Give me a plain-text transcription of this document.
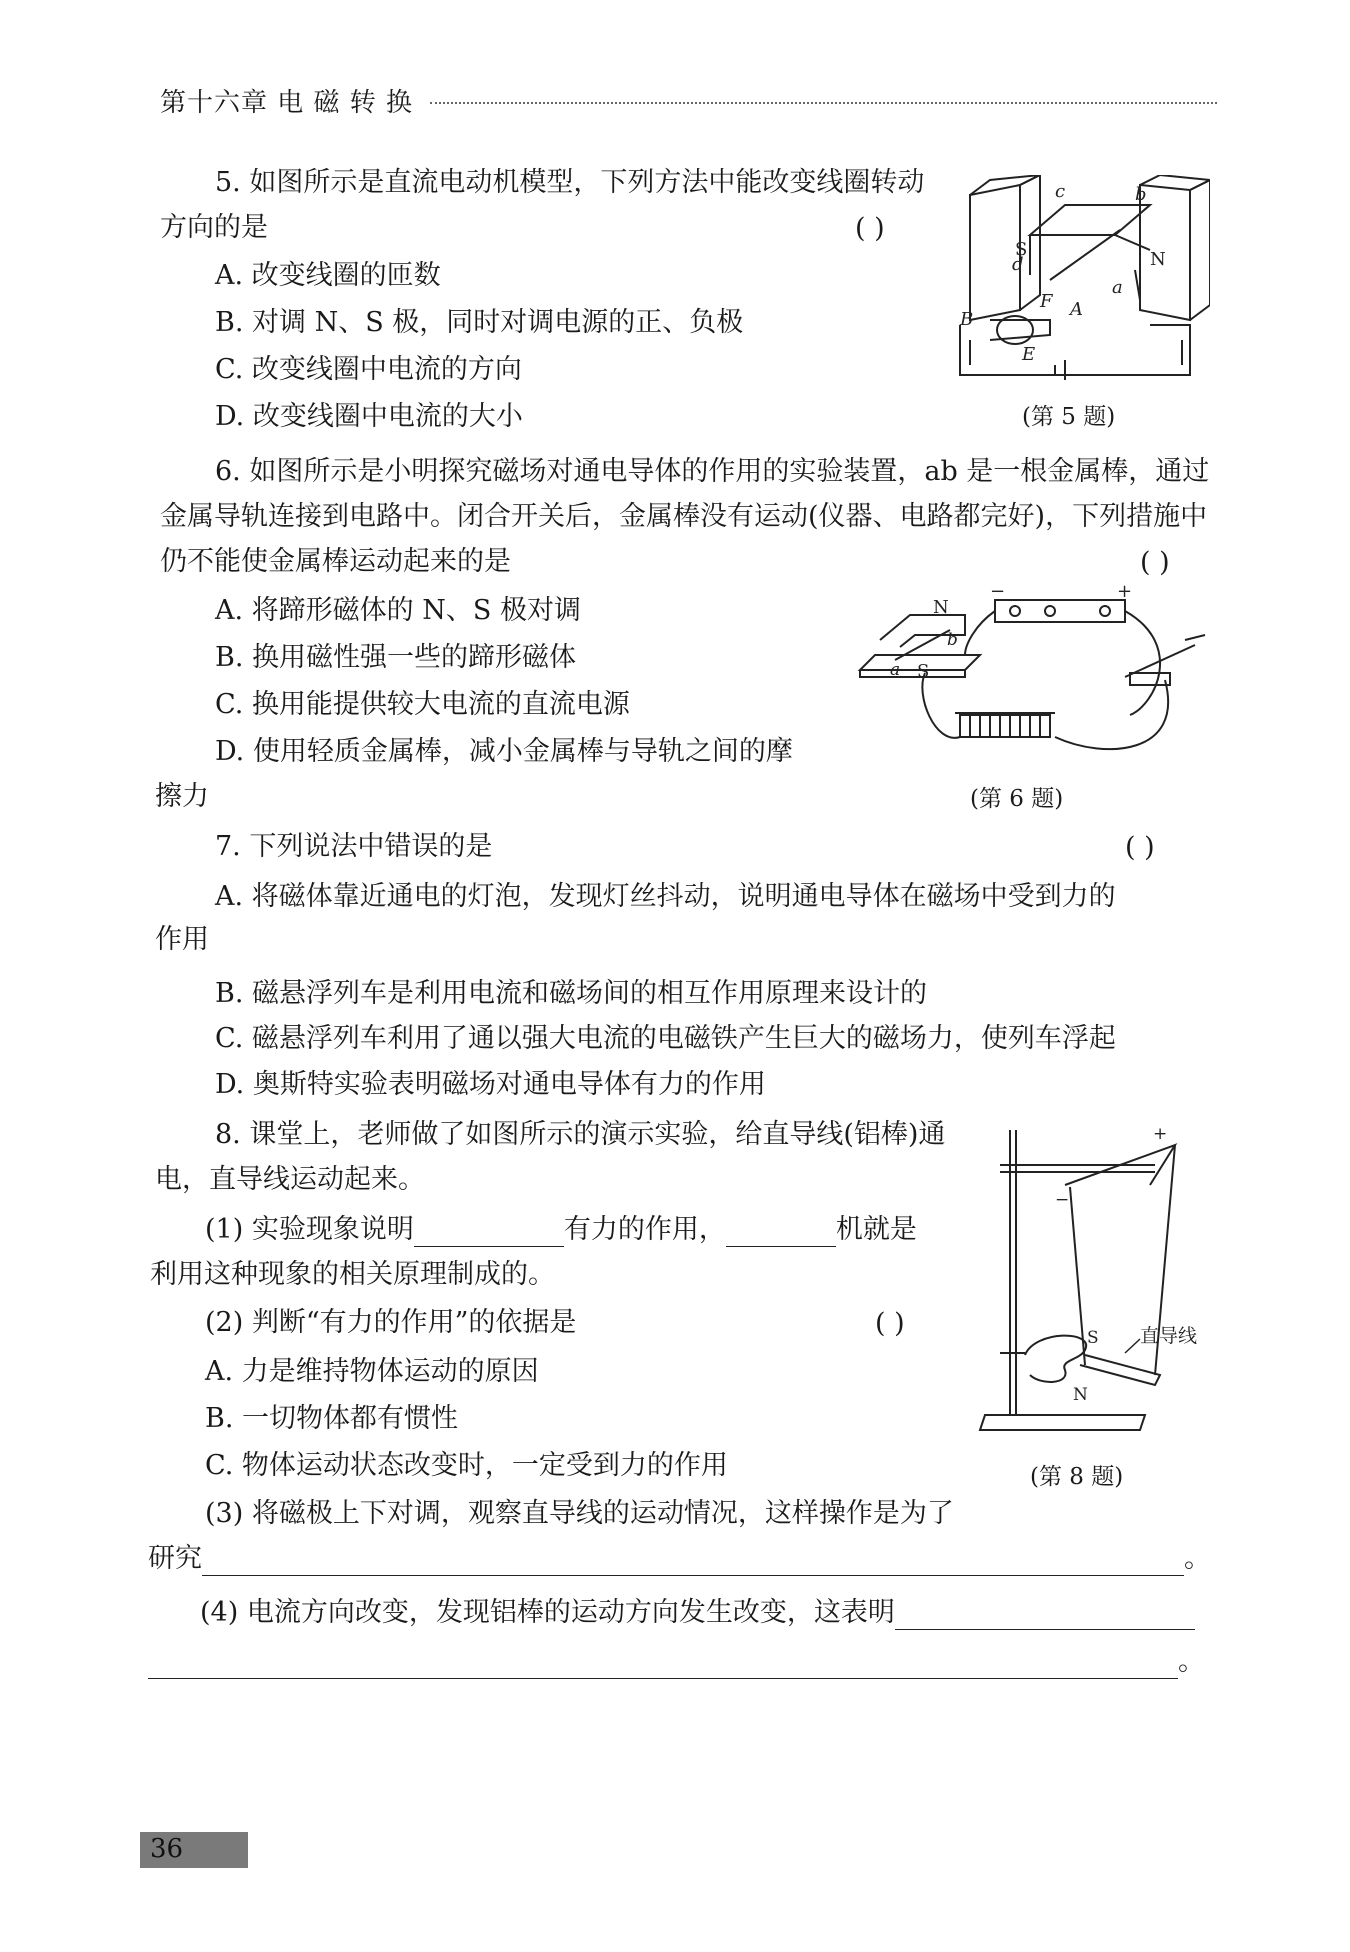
第十六章 电 磁 转 换
5. 如图所示是直流电动机模型，下列方法中能改变线圈转动
方向的是	( )
A. 改变线圈的匝数
B. 对调 N、S 极，同时对调电源的正、负极
C. 改变线圈中电流的方向
D. 改变线圈中电流的大小
c	b
d
a
F A
B
E
S	N
(第 5 题)
6. 如图所示是小明探究磁场对通电导体的作用的实验装置，ab 是一根金属棒，通过
金属导轨连接到电路中。闭合开关后，金属棒没有运动(仪器、电路都完好)，下列措施中
仍不能使金属棒运动起来的是	( )
A. 将蹄形磁体的 N、S 极对调
B. 换用磁性强一些的蹄形磁体
C. 换用能提供较大电流的直流电源
D. 使用轻质金属棒，减小金属棒与导轨之间的摩
擦力
−	+
N
S
a
b
(第 6 题)
7. 下列说法中错误的是	( )
A. 将磁体靠近通电的灯泡，发现灯丝抖动，说明通电导体在磁场中受到力的
作用
B. 磁悬浮列车是利用电流和磁场间的相互作用原理来设计的
C. 磁悬浮列车利用了通以强大电流的电磁铁产生巨大的磁场力，使列车浮起
D. 奥斯特实验表明磁场对通电导体有力的作用
8. 课堂上，老师做了如图所示的演示实验，给直导线(铝棒)通
电，直导线运动起来。
(1) 实验现象说明	有力的作用，	机就是
利用这种现象的相关原理制成的。
(2) 判断“有力的作用”的依据是	( )
A. 力是维持物体运动的原因
B. 一切物体都有惯性
C. 物体运动状态改变时，一定受到力的作用
(3) 将磁极上下对调，观察直导线的运动情况，这样操作是为了
研究	。
(4) 电流方向改变，发现铝棒的运动方向发生改变，这表明
。
+
−
S
N
直导线
(第 8 题)
36
